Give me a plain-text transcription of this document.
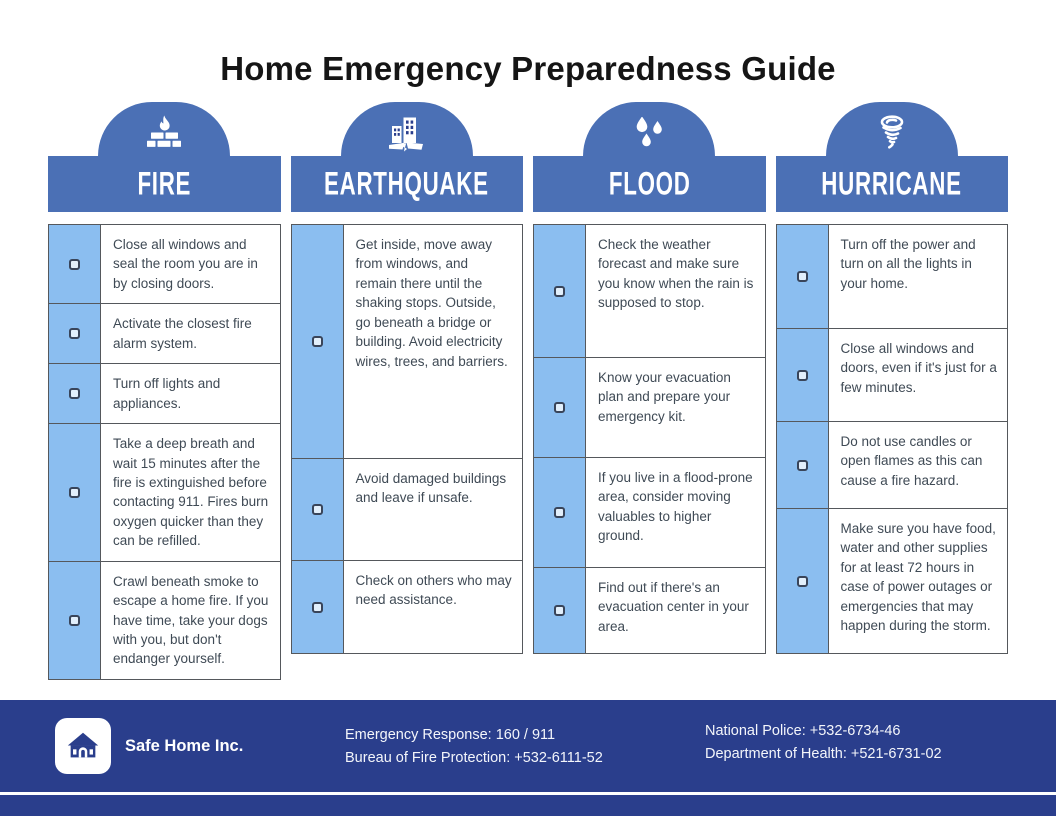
Home Emergency Preparedness Guide
FIRE
Close all windows and seal the room you are in by closing doors.
Activate the closest fire alarm system.
Turn off lights and appliances.
Take a deep breath and wait 15 minutes after the fire is extinguished before contacting 911. Fires burn oxygen quicker than they can be refilled.
Crawl beneath smoke to escape a home fire. If you have time, take your dogs with you, but don't endanger yourself.
EARTHQUAKE
Get inside, move away from windows, and remain there until the shaking stops. Outside, go beneath a bridge or building. Avoid electricity wires, trees, and barriers.
Avoid damaged buildings and leave if unsafe.
Check on others who may need assistance.
FLOOD
Check the weather forecast and make sure you know when the rain is supposed to stop.
Know your evacuation plan and prepare your emergency kit.
If you live in a flood-prone area, consider moving valuables to higher ground.
Find out if there's an evacuation center in your area.
HURRICANE
Turn off the power and turn on all the lights in your home.
Close all windows and doors, even if it's just for a few minutes.
Do not use candles or open flames as this can cause a fire hazard.
Make sure you have food, water and other supplies for at least 72 hours in case of power outages or emergencies that may happen during the storm.
Safe Home Inc.
Emergency Response: 160 / 911
Bureau of Fire Protection: +532-6111-52
National Police: +532-6734-46
Department of Health: +521-6731-02
